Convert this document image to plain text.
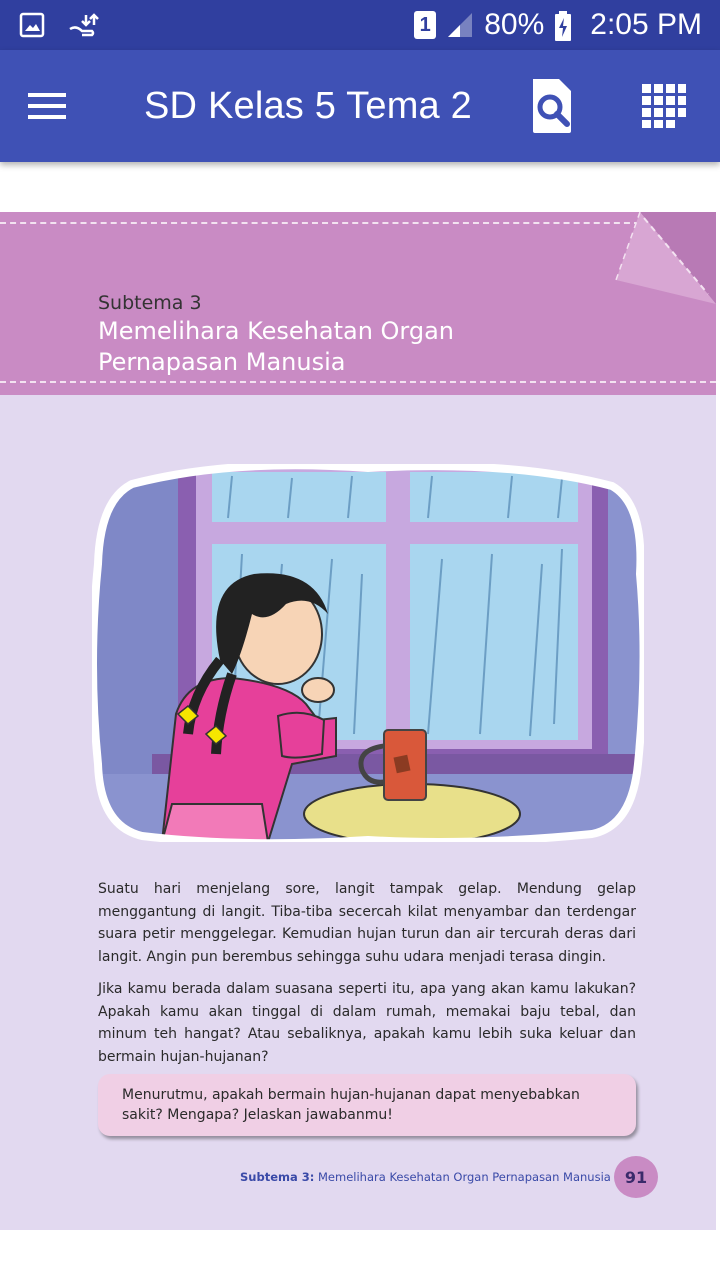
1 80% 2:05 PM
SD Kelas 5 Tema 2
Subtema 3
Memelihara Kesehatan Organ Pernapasan Manusia
Suatu hari menjelang sore, langit tampak gelap. Mendung gelap menggantung di langit. Tiba-tiba secercah kilat menyambar dan terdengar suara petir menggelegar. Kemudian hujan turun dan air tercurah deras dari langit. Angin pun berembus sehingga suhu udara menjadi terasa dingin.
Jika kamu berada dalam suasana seperti itu, apa yang akan kamu lakukan? Apakah kamu akan tinggal di dalam rumah, memakai baju tebal, dan minum teh hangat? Atau sebaliknya, apakah kamu lebih suka keluar dan bermain hujan-hujanan?
Menurutmu, apakah bermain hujan-hujanan dapat menyebabkan sakit? Mengapa? Jelaskan jawabanmu!
Subtema 3: Memelihara Kesehatan Organ Pernapasan Manusia 91
